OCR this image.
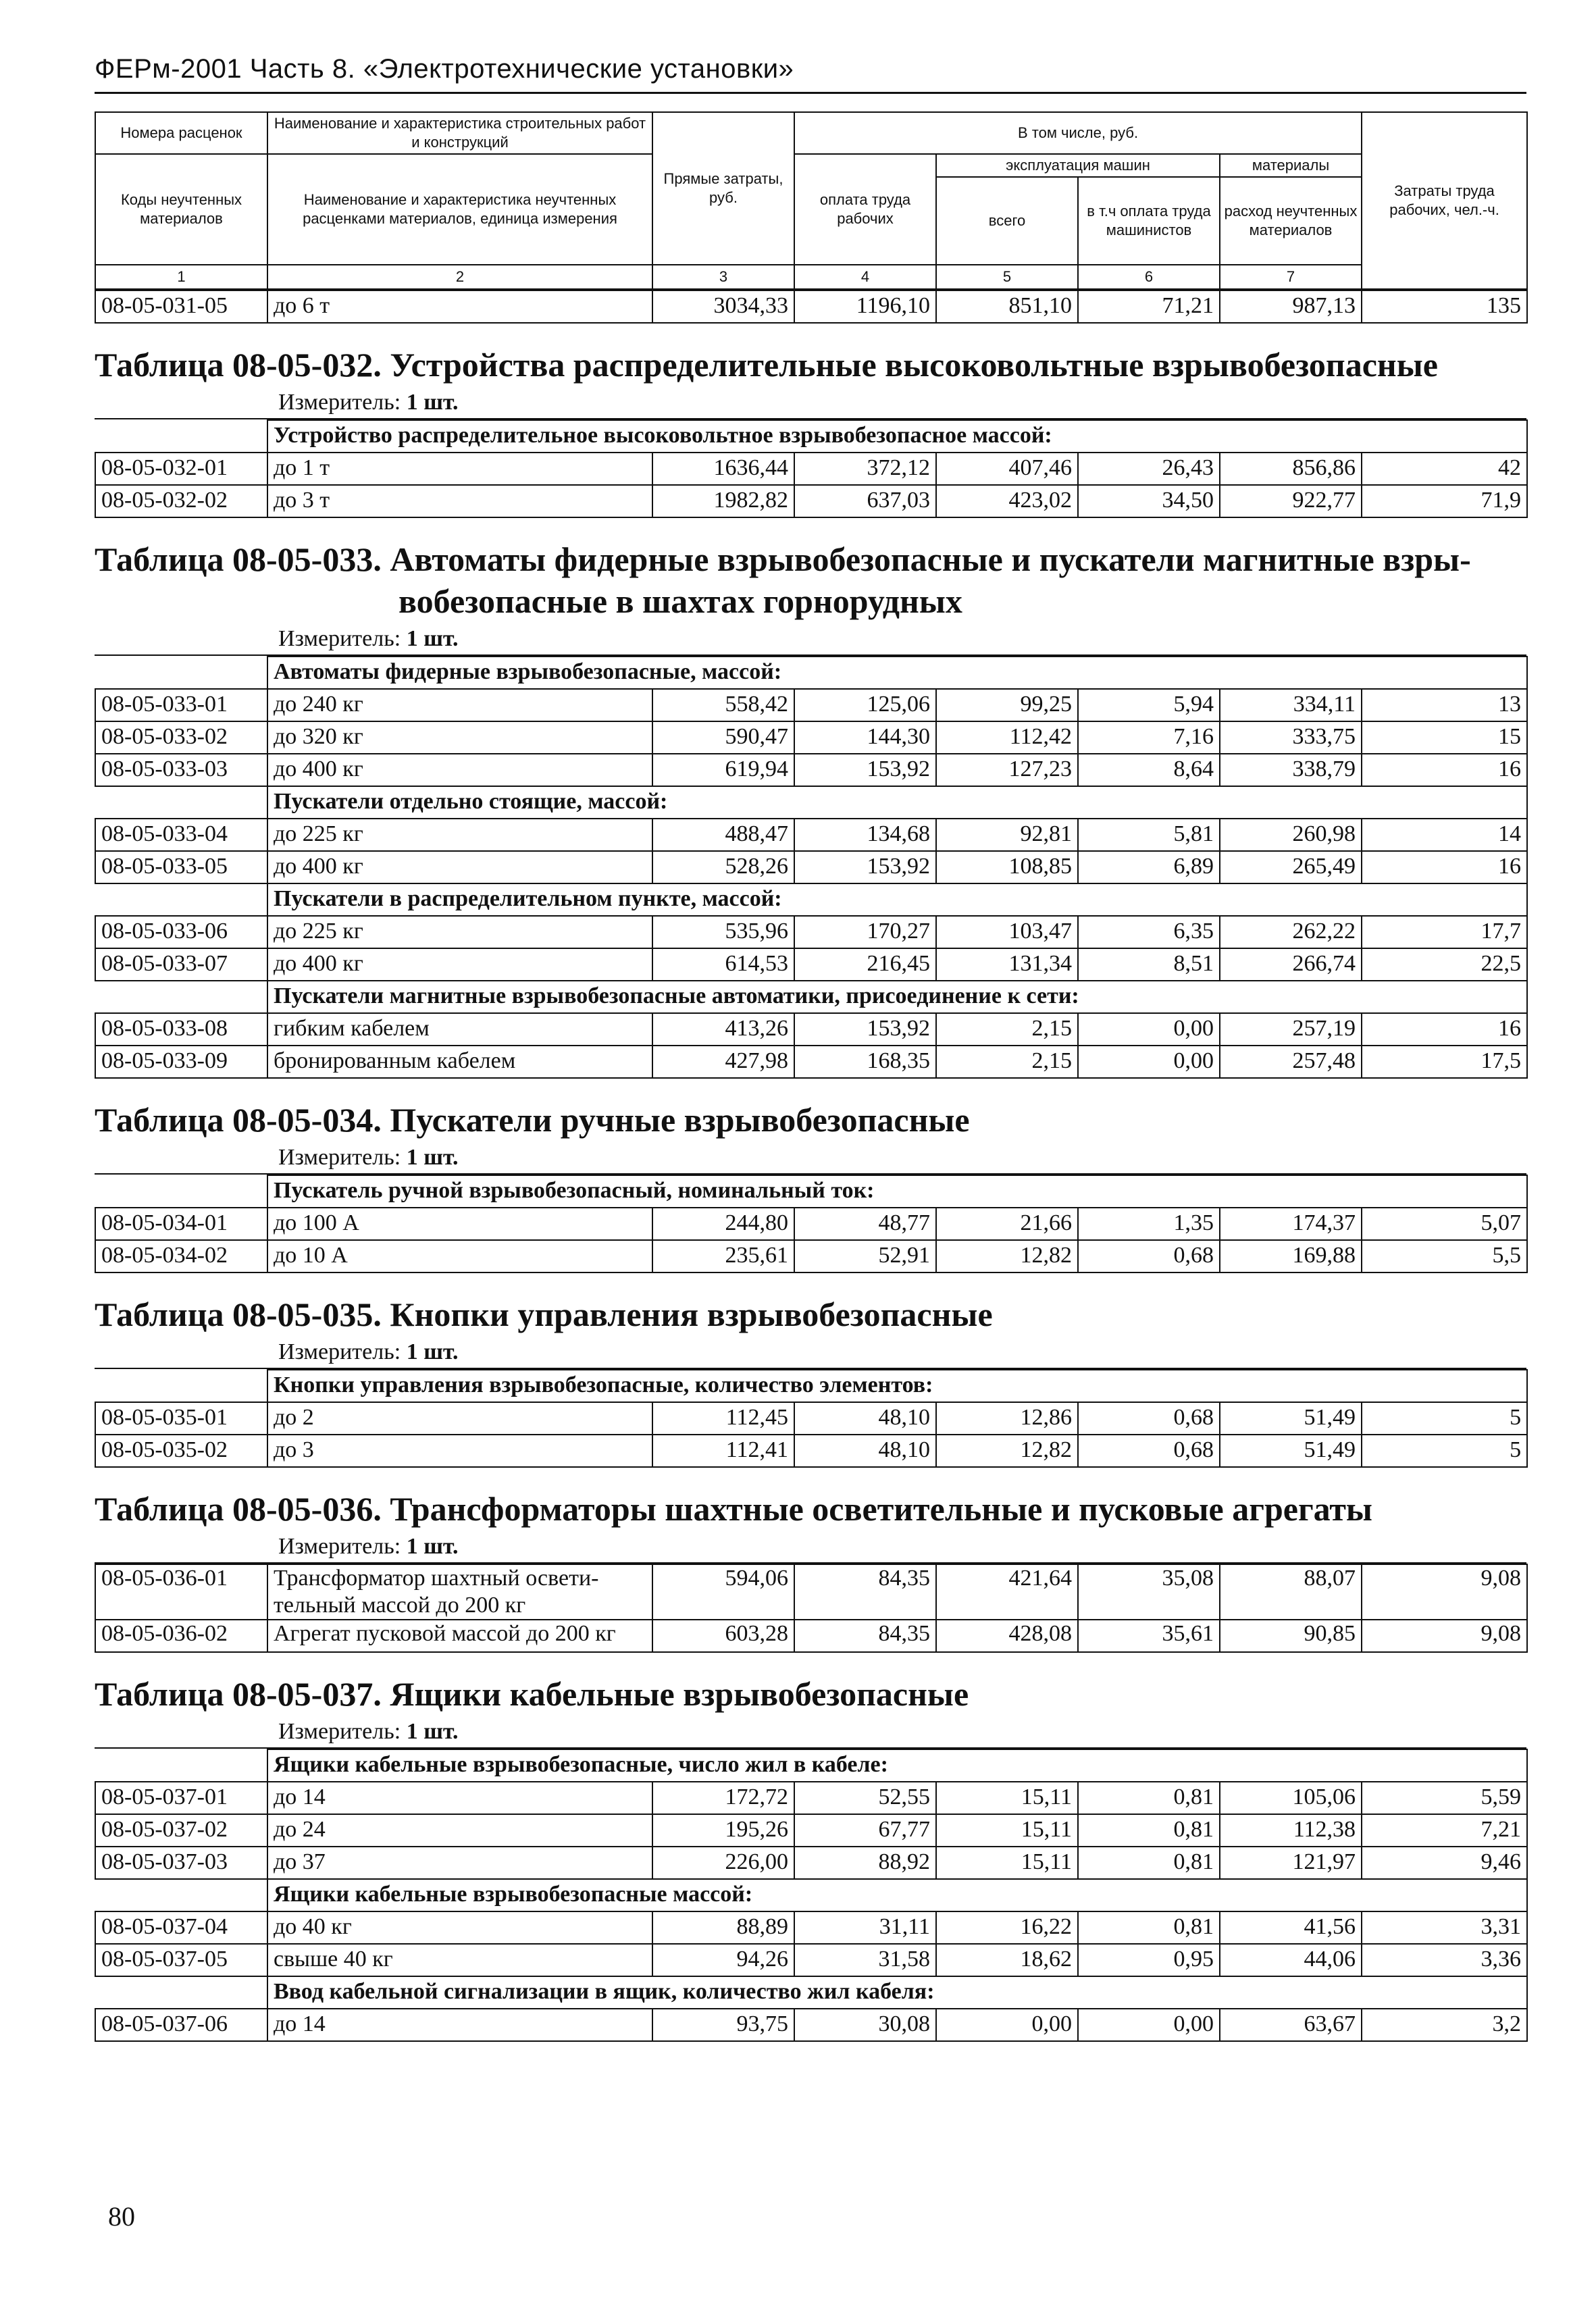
ФЕРм-2001 Часть 8. «Электротехнические установки»
Номера расценок	Наименование и характеристика строительных работ и конструкций	Прямые затраты, руб.	В том числе, руб.				Затраты труда рабочих, чел.-ч.
Коды неучтенных материалов	Наименование и характеристика неучтенных расценками материалов, единица измерения		оплата труда рабочих	эксплуатация машин		материалы	
				всего	в т.ч оплата труда машинистов	расход неучтенных материалов	
1	2	3	4	5	6	7	
08-05-031-05	до 6 т	3034,33	1196,10	851,10	71,21	987,13	135
Таблица 08-05-032. Устройства распределительные высоковольтные взрывобезопасные
Измеритель: 1 шт.
	Устройство распределительное высоковольтное взрывобезопасное массой:						
08-05-032-01	до 1 т	1636,44	372,12	407,46	26,43	856,86	42
08-05-032-02	до 3 т	1982,82	637,03	423,02	34,50	922,77	71,9
Таблица 08-05-033. Автоматы фидерные взрывобезопасные и пускатели магнитные взры-
вобезопасные в шахтах горнорудных
Измеритель: 1 шт.
	Автоматы фидерные взрывобезопасные, массой:						
08-05-033-01	до 240 кг	558,42	125,06	99,25	5,94	334,11	13
08-05-033-02	до 320 кг	590,47	144,30	112,42	7,16	333,75	15
08-05-033-03	до 400 кг	619,94	153,92	127,23	8,64	338,79	16
	Пускатели отдельно стоящие, массой:						
08-05-033-04	до 225 кг	488,47	134,68	92,81	5,81	260,98	14
08-05-033-05	до 400 кг	528,26	153,92	108,85	6,89	265,49	16
	Пускатели в распределительном пункте, массой:						
08-05-033-06	до 225 кг	535,96	170,27	103,47	6,35	262,22	17,7
08-05-033-07	до 400 кг	614,53	216,45	131,34	8,51	266,74	22,5
	Пускатели магнитные взрывобезопасные автоматики, присоединение к сети:						
08-05-033-08	гибким кабелем	413,26	153,92	2,15	0,00	257,19	16
08-05-033-09	бронированным кабелем	427,98	168,35	2,15	0,00	257,48	17,5
Таблица 08-05-034. Пускатели ручные взрывобезопасные
Измеритель: 1 шт.
	Пускатель ручной взрывобезопасный, номинальный ток:						
08-05-034-01	до 100 А	244,80	48,77	21,66	1,35	174,37	5,07
08-05-034-02	до 10 А	235,61	52,91	12,82	0,68	169,88	5,5
Таблица 08-05-035. Кнопки управления взрывобезопасные
Измеритель: 1 шт.
	Кнопки управления взрывобезопасные, количество элементов:						
08-05-035-01	до 2	112,45	48,10	12,86	0,68	51,49	5
08-05-035-02	до 3	112,41	48,10	12,82	0,68	51,49	5
Таблица 08-05-036. Трансформаторы шахтные осветительные и пусковые агрегаты
Измеритель: 1 шт.
08-05-036-01	Трансформатор шахтный освети-тельный массой до 200 кг	594,06	84,35	421,64	35,08	88,07	9,08
08-05-036-02	Агрегат пусковой массой до 200 кг	603,28	84,35	428,08	35,61	90,85	9,08
Таблица 08-05-037. Ящики кабельные взрывобезопасные
Измеритель: 1 шт.
	Ящики кабельные взрывобезопасные, число жил в кабеле:						
08-05-037-01	до 14	172,72	52,55	15,11	0,81	105,06	5,59
08-05-037-02	до 24	195,26	67,77	15,11	0,81	112,38	7,21
08-05-037-03	до 37	226,00	88,92	15,11	0,81	121,97	9,46
	Ящики кабельные взрывобезопасные массой:						
08-05-037-04	до 40 кг	88,89	31,11	16,22	0,81	41,56	3,31
08-05-037-05	свыше 40 кг	94,26	31,58	18,62	0,95	44,06	3,36
	Ввод кабельной сигнализации в ящик, количество жил кабеля:						
08-05-037-06	до 14	93,75	30,08	0,00	0,00	63,67	3,2
80
